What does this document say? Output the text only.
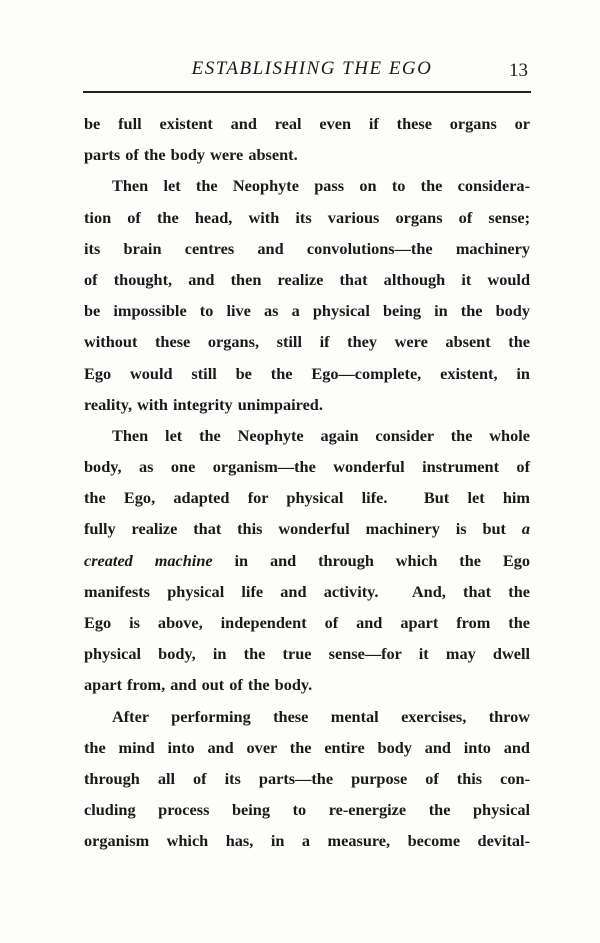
ESTABLISHING THE EGO	13
be full existent and real even if these organs or
parts of the body were absent.
Then let the Neophyte pass on to the considera-
tion of the head, with its various organs of sense;
its brain centres and convolutions—the machinery
of thought, and then realize that although it would
be impossible to live as a physical being in the body
without these organs, still if they were absent the
Ego would still be the Ego—complete, existent, in
reality, with integrity unimpaired.
Then let the Neophyte again consider the whole
body, as one organism—the wonderful instrument of
the Ego, adapted for physical life.  But let him
fully realize that this wonderful machinery is but a
created machine in and through which the Ego
manifests physical life and activity.  And, that the
Ego is above, independent of and apart from the
physical body, in the true sense—for it may dwell
apart from, and out of the body.
After performing these mental exercises, throw
the mind into and over the entire body and into and
through all of its parts—the purpose of this con-
cluding process being to re-energize the physical
organism which has, in a measure, become devital-
